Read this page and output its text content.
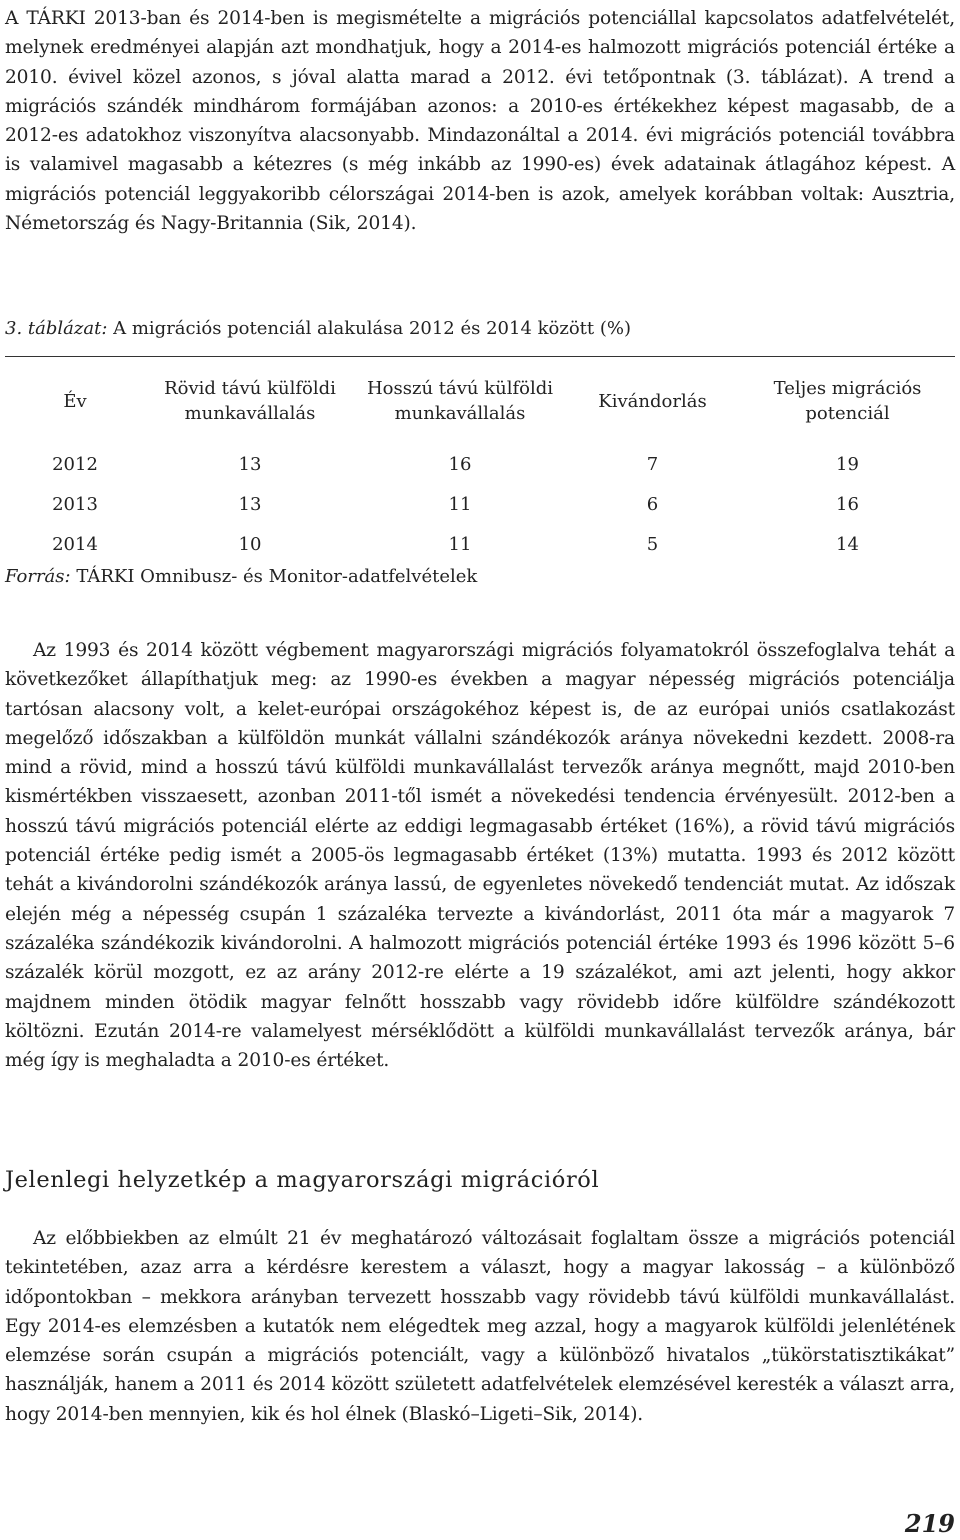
A TÁRKI 2013-ban és 2014-ben is megismételte a migrációs potenciállal kapcsolatos adatfelvételét, melynek eredményei alapján azt mondhatjuk, hogy a 2014-es halmozott migrációs potenciál értéke a 2010. évivel közel azonos, s jóval alatta marad a 2012. évi tetőpontnak (3. táblázat). A trend a migrációs szándék mindhárom formájában azonos: a 2010-es értékekhez képest magasabb, de a 2012-es adatokhoz viszonyítva alacsonyabb. Mindazonáltal a 2014. évi migrációs potenciál továbbra is valamivel magasabb a kétezres (s még inkább az 1990-es) évek adatainak átlagához képest. A migrációs potenciál leggyakoribb célországai 2014-ben is azok, amelyek korábban voltak: Ausztria, Németország és Nagy-Britannia (Sik, 2014).

3. táblázat: A migrációs potenciál alakulása 2012 és 2014 között (%)
Év	Rövid távú külföldi munkavállalás	Hosszú távú külföldi munkavállalás	Kivándorlás	Teljes migrációs potenciál
2012	13	16	7	19
2013	13	11	6	16
2014	10	11	5	14
Forrás: TÁRKI Omnibusz- és Monitor-adatfelvételek

Az 1993 és 2014 között végbement magyarországi migrációs folyamatokról összefoglalva tehát a következőket állapíthatjuk meg: az 1990-es években a magyar népesség migrációs potenciálja tartósan alacsony volt, a kelet-európai országokéhoz képest is, de az európai uniós csatlakozást megelőző időszakban a külföldön munkát vállalni szándékozók aránya növekedni kezdett. 2008-ra mind a rövid, mind a hosszú távú külföldi munkavállalást tervezők aránya megnőtt, majd 2010-ben kismértékben visszaesett, azonban 2011-től ismét a növekedési tendencia érvényesült. 2012-ben a hosszú távú migrációs potenciál elérte az eddigi legmagasabb értéket (16%), a rövid távú migrációs potenciál értéke pedig ismét a 2005-ös legmagasabb értéket (13%) mutatta. 1993 és 2012 között tehát a kivándorolni szándékozók aránya lassú, de egyenletes növekedő tendenciát mutat. Az időszak elején még a népesség csupán 1 százaléka tervezte a kivándorlást, 2011 óta már a magyarok 7 százaléka szándékozik kivándorolni. A halmozott migrációs potenciál értéke 1993 és 1996 között 5–6 százalék körül mozgott, ez az arány 2012-re elérte a 19 százalékot, ami azt jelenti, hogy akkor majdnem minden ötödik magyar felnőtt hosszabb vagy rövidebb időre külföldre szándékozott költözni. Ezután 2014-re valamelyest mérséklődött a külföldi munkavállalást tervezők aránya, bár még így is meghaladta a 2010-es értéket.

Jelenlegi helyzetkép a magyarországi migrációról

Az előbbiekben az elmúlt 21 év meghatározó változásait foglaltam össze a migrációs potenciál tekintetében, azaz arra a kérdésre kerestem a választ, hogy a magyar lakosság – a különböző időpontokban – mekkora arányban tervezett hosszabb vagy rövidebb távú külföldi munkavállalást. Egy 2014-es elemzésben a kutatók nem elégedtek meg azzal, hogy a magyarok külföldi jelenlétének elemzése során csupán a migrációs potenciált, vagy a különböző hivatalos „tükörstatisztikákat” használják, hanem a 2011 és 2014 között született adatfelvételek elemzésével keresték a választ arra, hogy 2014-ben mennyien, kik és hol élnek (Blaskó–Ligeti–Sik, 2014).

219
